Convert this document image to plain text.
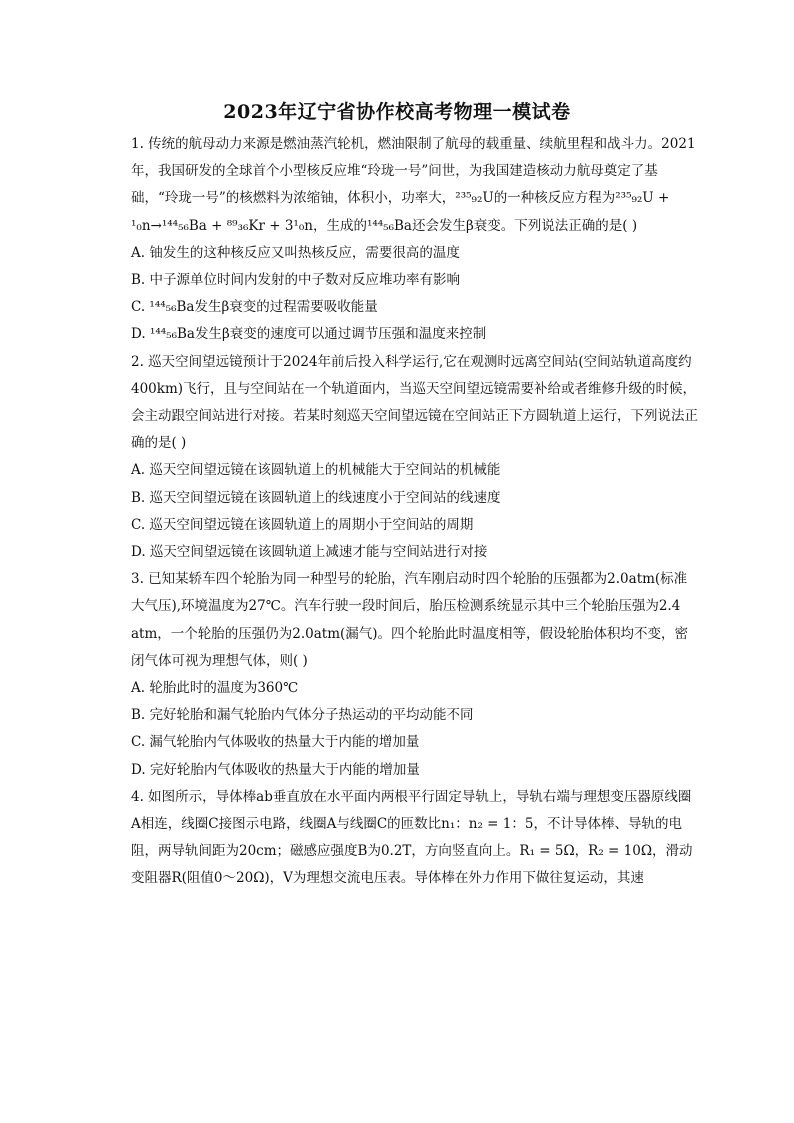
2023年辽宁省协作校高考物理一模试卷

1. 传统的航母动力来源是燃油蒸汽轮机，燃油限制了航母的载重量、续航里程和战斗力。2021年，我国研发的全球首个小型核反应堆“玲珑一号”问世，为我国建造核动力航母奠定了基础，“玲珑一号”的核燃料为浓缩铀，体积小，功率大，²³⁵₉₂U的一种核反应方程为²³⁵₉₂U + ¹₀n→¹⁴⁴₅₆Ba + ⁸⁹₃₆Kr + 3¹₀n，生成的¹⁴⁴₅₆Ba还会发生β衰变。下列说法正确的是( )

A. 铀发生的这种核反应又叫热核反应，需要很高的温度

B. 中子源单位时间内发射的中子数对反应堆功率有影响

C. ¹⁴⁴₅₆Ba发生β衰变的过程需要吸收能量

D. ¹⁴⁴₅₆Ba发生β衰变的速度可以通过调节压强和温度来控制

2. 巡天空间望远镜预计于2024年前后投入科学运行,它在观测时远离空间站(空间站轨道高度约400km)飞行，且与空间站在一个轨道面内，当巡天空间望远镜需要补给或者维修升级的时候，会主动跟空间站进行对接。若某时刻巡天空间望远镜在空间站正下方圆轨道上运行，下列说法正确的是( )

A. 巡天空间望远镜在该圆轨道上的机械能大于空间站的机械能

B. 巡天空间望远镜在该圆轨道上的线速度小于空间站的线速度

C. 巡天空间望远镜在该圆轨道上的周期小于空间站的周期

D. 巡天空间望远镜在该圆轨道上减速才能与空间站进行对接

3. 已知某轿车四个轮胎为同一种型号的轮胎，汽车刚启动时四个轮胎的压强都为2.0atm(标准大气压),环境温度为27℃。汽车行驶一段时间后，胎压检测系统显示其中三个轮胎压强为2.4 atm，一个轮胎的压强仍为2.0atm(漏气)。四个轮胎此时温度相等，假设轮胎体积均不变，密闭气体可视为理想气体，则( )

A. 轮胎此时的温度为360℃

B. 完好轮胎和漏气轮胎内气体分子热运动的平均动能不同

C. 漏气轮胎内气体吸收的热量大于内能的增加量

D. 完好轮胎内气体吸收的热量大于内能的增加量

4. 如图所示，导体棒ab垂直放在水平面内两根平行固定导轨上，导轨右端与理想变压器原线圈A相连，线圈C接图示电路，线圈A与线圈C的匝数比n₁：n₂ = 1：5，不计导体棒、导轨的电阻，两导轨间距为20cm；磁感应强度B为0.2T，方向竖直向上。R₁ = 5Ω，R₂ = 10Ω，滑动变阻器R(阻值0～20Ω)，V为理想交流电压表。导体棒在外力作用下做往复运动，其速
